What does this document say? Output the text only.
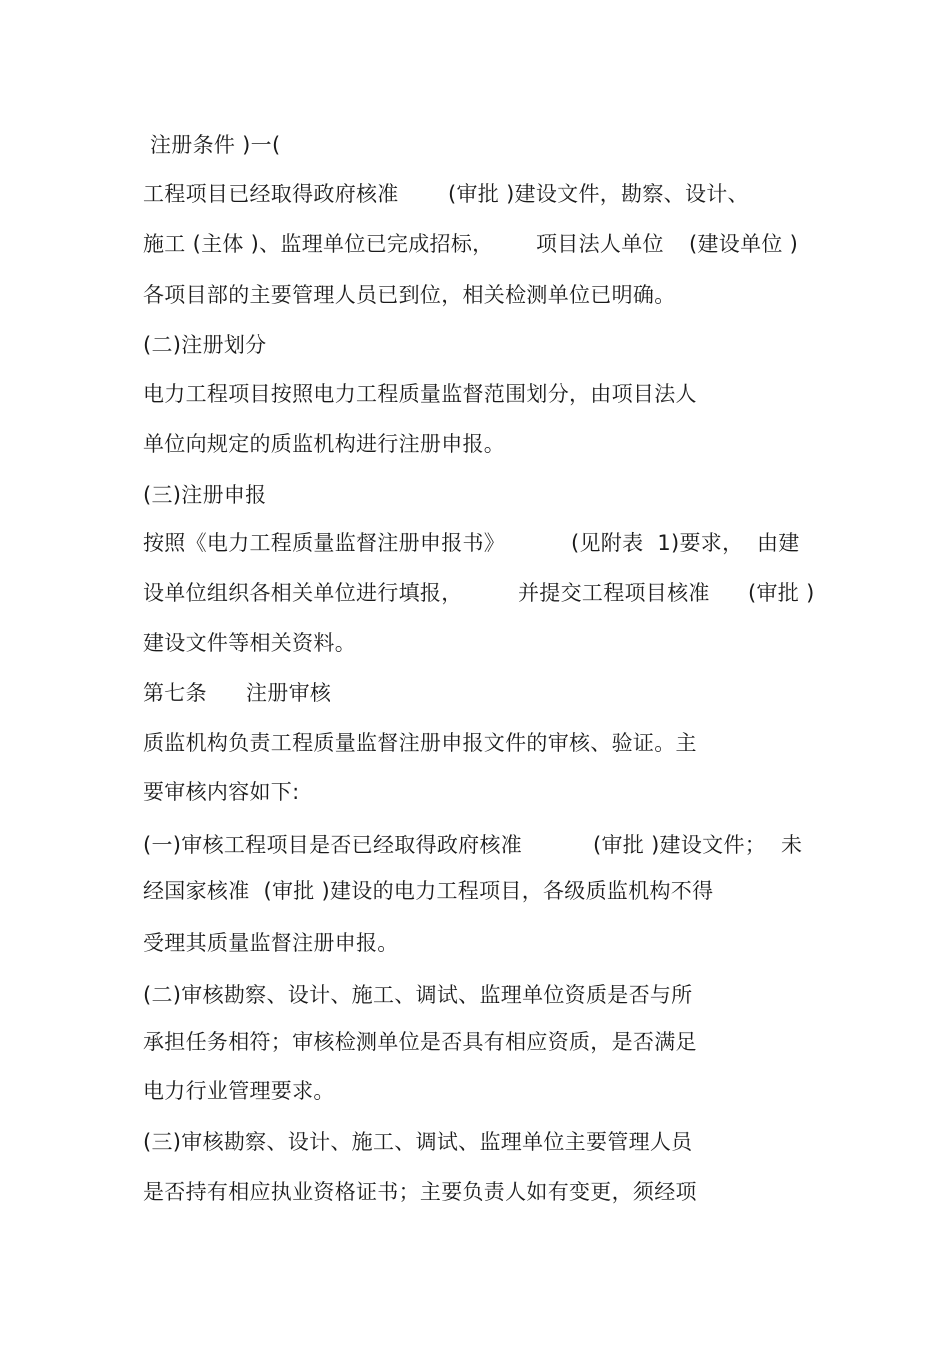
注册条件 )一(

工程项目已经取得政府核准

(审批 )建设文件，勘察、设计、

施工 (主体 )、监理单位已完成招标，

项目法人单位

(建设单位 )

各项目部的主要管理人员已到位，相关检测单位已明确。

(二)注册划分

电力工程项目按照电力工程质量监督范围划分，由项目法人

单位向规定的质监机构进行注册申报。

(三)注册申报

按照《电力工程质量监督注册申报书》

	(见附表  1)要求，

由建

设单位组织各相关单位进行填报，

	并提交工程项目核准

(审批 )

建设文件等相关资料。

第七条

注册审核

质监机构负责工程质量监督注册申报文件的审核、验证。主

要审核内容如下:

(一)审核工程项目是否已经取得政府核准

	(审批 )建设文件；

未

经国家核准  (审批 )建设的电力工程项目，各级质监机构不得

受理其质量监督注册申报。

(二)审核勘察、设计、施工、调试、监理单位资质是否与所

承担任务相符；审核检测单位是否具有相应资质，是否满足

电力行业管理要求。

(三)审核勘察、设计、施工、调试、监理单位主要管理人员

是否持有相应执业资格证书；主要负责人如有变更，须经项
